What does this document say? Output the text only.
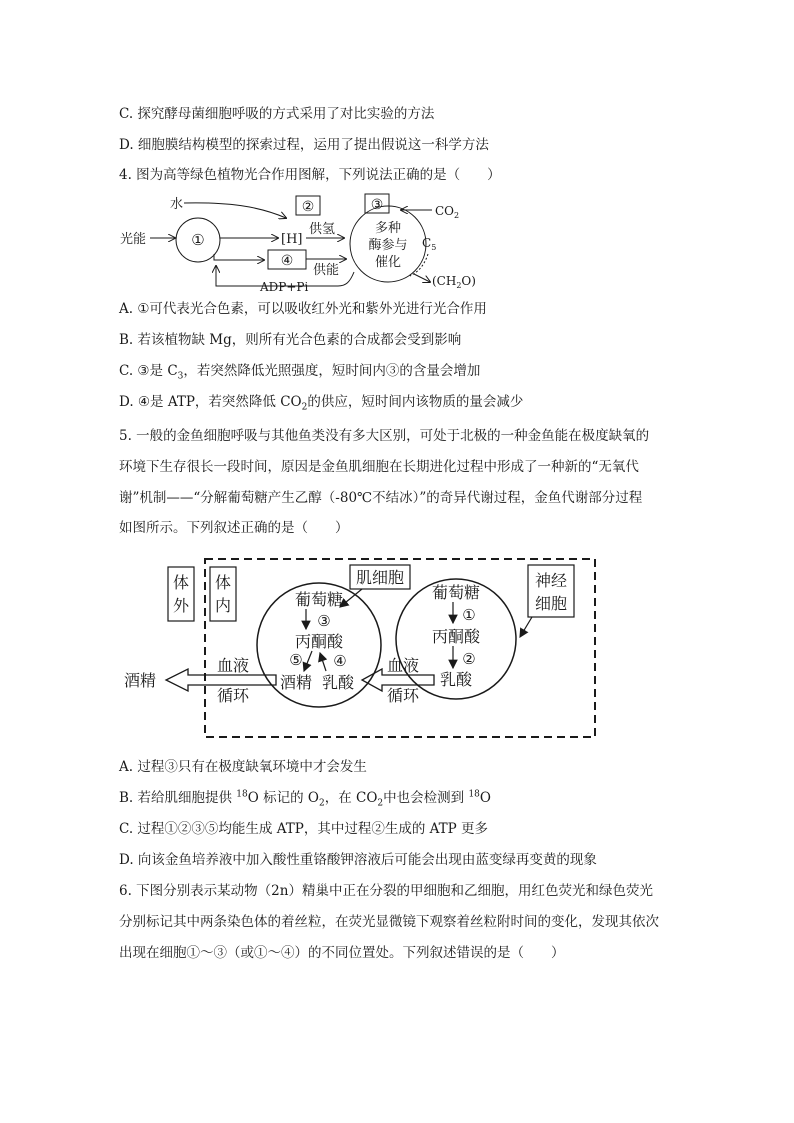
C. 探究酵母菌细胞呼吸的方式采用了对比实验的方法
D. 细胞膜结构模型的探索过程，运用了提出假说这一科学方法
4. 图为高等绿色植物光合作用图解，下列说法正确的是（　　）
水
光能	①
②
[H]
供氢
④
供能
ADP+Pi
③
多种
酶参与
催化
$CO_2$
$C_5$
$(CH_2O)$
A. ①可代表光合色素，可以吸收红外光和紫外光进行光合作用
B. 若该植物缺 Mg，则所有光合色素的合成都会受到影响
C. ③是 $C_3$，若突然降低光照强度，短时间内③的含量会增加
D. ④是 ATP，若突然降低 $CO_2$的供应，短时间内该物质的量会减少
5. 一般的金鱼细胞呼吸与其他鱼类没有多大区别，可处于北极的一种金鱼能在极度缺氧的
环境下生存很长一段时间，原因是金鱼肌细胞在长期进化过程中形成了一种新的“无氧代
谢”机制——“分解葡萄糖产生乙醇（-80℃不结冰）”的奇异代谢过程，金鱼代谢部分过程
如图所示。下列叙述正确的是（　　）
体
外
体
内
肌细胞	神经
细胞
葡萄糖
③
丙酮酸
⑤ ④
酒精 乳酸
葡萄糖
①
丙酮酸
②
乳酸
血液
循环
酒精
血液
循环
A. 过程③只有在极度缺氧环境中才会发生
B. 若给肌细胞提供 $^{18}$O 标记的 $O_2$，在 $CO_2$中也会检测到 $^{18}$O
C. 过程①②③⑤均能生成 ATP，其中过程②生成的 ATP 更多
D. 向该金鱼培养液中加入酸性重铬酸钾溶液后可能会出现由蓝变绿再变黄的现象
6. 下图分别表示某动物（2n）精巢中正在分裂的甲细胞和乙细胞，用红色荧光和绿色荧光
分别标记其中两条染色体的着丝粒，在荧光显微镜下观察着丝粒附时间的变化，发现其依次
出现在细胞①～③（或①～④）的不同位置处。下列叙述错误的是（　　）
